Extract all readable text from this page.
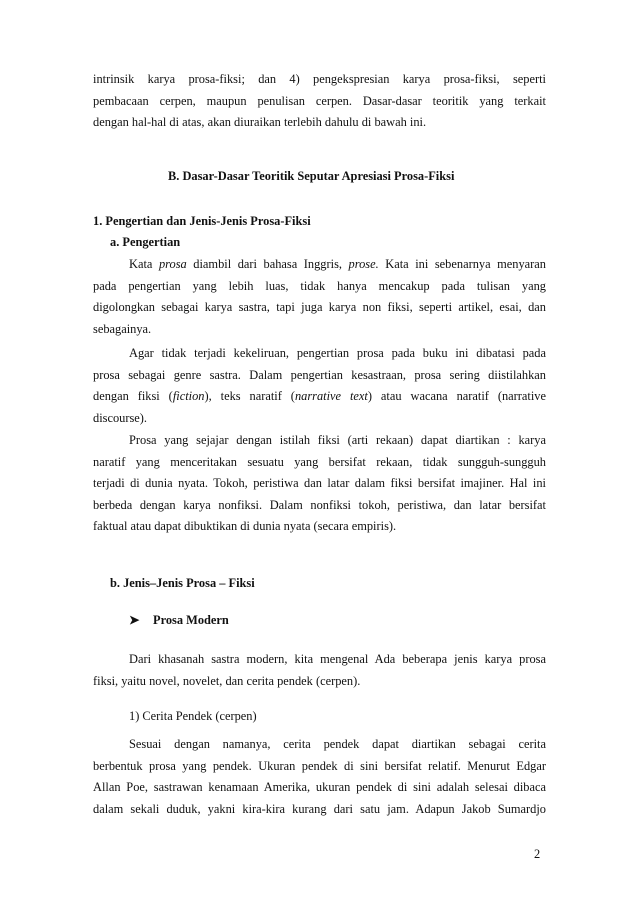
intrinsik karya prosa-fiksi; dan 4) pengekspresian karya prosa-fiksi, seperti
pembacaan cerpen, maupun penulisan cerpen. Dasar-dasar teoritik yang terkait
dengan hal-hal di atas, akan diuraikan terlebih dahulu di bawah ini.
B. Dasar-Dasar Teoritik Seputar Apresiasi Prosa-Fiksi
1. Pengertian dan Jenis-Jenis Prosa-Fiksi
a. Pengertian
Kata prosa diambil dari bahasa Inggris, prose. Kata ini sebenarnya menyaran
pada pengertian yang lebih luas, tidak hanya mencakup pada tulisan yang
digolongkan sebagai karya sastra, tapi juga karya non fiksi, seperti artikel, esai, dan
sebagainya.
Agar tidak terjadi kekeliruan, pengertian prosa pada buku ini dibatasi pada
prosa sebagai genre sastra. Dalam pengertian kesastraan, prosa sering diistilahkan
dengan fiksi (fiction), teks naratif (narrative text) atau wacana naratif (narrative
discourse).
Prosa yang sejajar dengan istilah fiksi (arti rekaan) dapat diartikan : karya
naratif yang menceritakan sesuatu yang bersifat rekaan, tidak sungguh-sungguh
terjadi di dunia nyata. Tokoh, peristiwa dan latar dalam fiksi bersifat imajiner. Hal ini
berbeda dengan karya nonfiksi. Dalam nonfiksi tokoh, peristiwa, dan latar bersifat
faktual atau dapat dibuktikan di dunia nyata (secara empiris).
b. Jenis–Jenis Prosa – Fiksi
➤ Prosa Modern
Dari khasanah sastra modern, kita mengenal Ada beberapa jenis karya prosa
fiksi, yaitu novel, novelet, dan cerita pendek (cerpen).
1) Cerita Pendek (cerpen)
Sesuai dengan namanya, cerita pendek dapat diartikan sebagai cerita
berbentuk prosa yang pendek. Ukuran pendek di sini bersifat relatif. Menurut Edgar
Allan Poe, sastrawan kenamaan Amerika, ukuran pendek di sini adalah selesai dibaca
dalam sekali duduk, yakni kira-kira kurang dari satu jam. Adapun Jakob Sumardjo
2
